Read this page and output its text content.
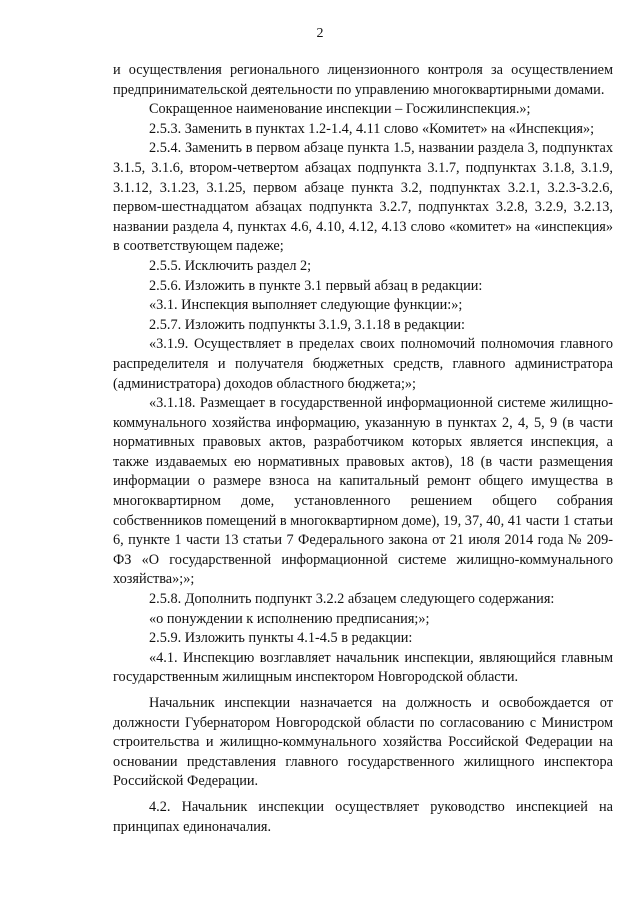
2

и осуществления регионального лицензионного контроля за осуществлением предпринимательской деятельности по управлению многоквартирными домами.

Сокращенное наименование инспекции – Госжилинспекция.»;

2.5.3. Заменить в пунктах 1.2-1.4, 4.11 слово «Комитет» на «Инспекция»;

2.5.4. Заменить в первом абзаце пункта 1.5, названии раздела 3, подпунктах 3.1.5, 3.1.6, втором-четвертом абзацах подпункта 3.1.7, подпунктах 3.1.8, 3.1.9, 3.1.12, 3.1.23, 3.1.25, первом абзаце пункта 3.2, подпунктах 3.2.1, 3.2.3-3.2.6, первом-шестнадцатом абзацах подпункта 3.2.7, подпунктах 3.2.8, 3.2.9, 3.2.13, названии раздела 4, пунктах 4.6, 4.10, 4.12, 4.13 слово «комитет» на «инспекция» в соответствующем падеже;

2.5.5. Исключить раздел 2;

2.5.6. Изложить в пункте 3.1 первый абзац в редакции:

«3.1. Инспекция выполняет следующие функции:»;

2.5.7. Изложить подпункты 3.1.9, 3.1.18 в редакции:

«3.1.9. Осуществляет в пределах своих полномочий полномочия главного распределителя и получателя бюджетных средств, главного администратора (администратора) доходов областного бюджета;»;

«3.1.18. Размещает в государственной информационной системе жилищно-коммунального хозяйства информацию, указанную в пунктах 2, 4, 5, 9 (в части нормативных правовых актов, разработчиком которых является инспекция, а также издаваемых ею нормативных правовых актов), 18 (в части размещения информации о размере взноса на капитальный ремонт общего имущества в многоквартирном доме, установленного решением общего собрания собственников помещений в многоквартирном доме), 19, 37, 40, 41 части 1 статьи 6, пункте 1 части 13 статьи 7 Федерального закона от 21 июля 2014 года № 209-ФЗ «О государственной информационной системе жилищно-коммунального хозяйства»;»;

2.5.8. Дополнить подпункт 3.2.2 абзацем следующего содержания:

«о понуждении к исполнению предписания;»;

2.5.9. Изложить пункты 4.1-4.5 в редакции:

«4.1. Инспекцию возглавляет начальник инспекции, являющийся главным государственным жилищным инспектором Новгородской области.

Начальник инспекции назначается на должность и освобождается от должности Губернатором Новгородской области по согласованию с Министром строительства и жилищно-коммунального хозяйства Российской Федерации на основании представления главного государственного жилищного инспектора Российской Федерации.

4.2. Начальник инспекции осуществляет руководство инспекцией на принципах единоначалия.
